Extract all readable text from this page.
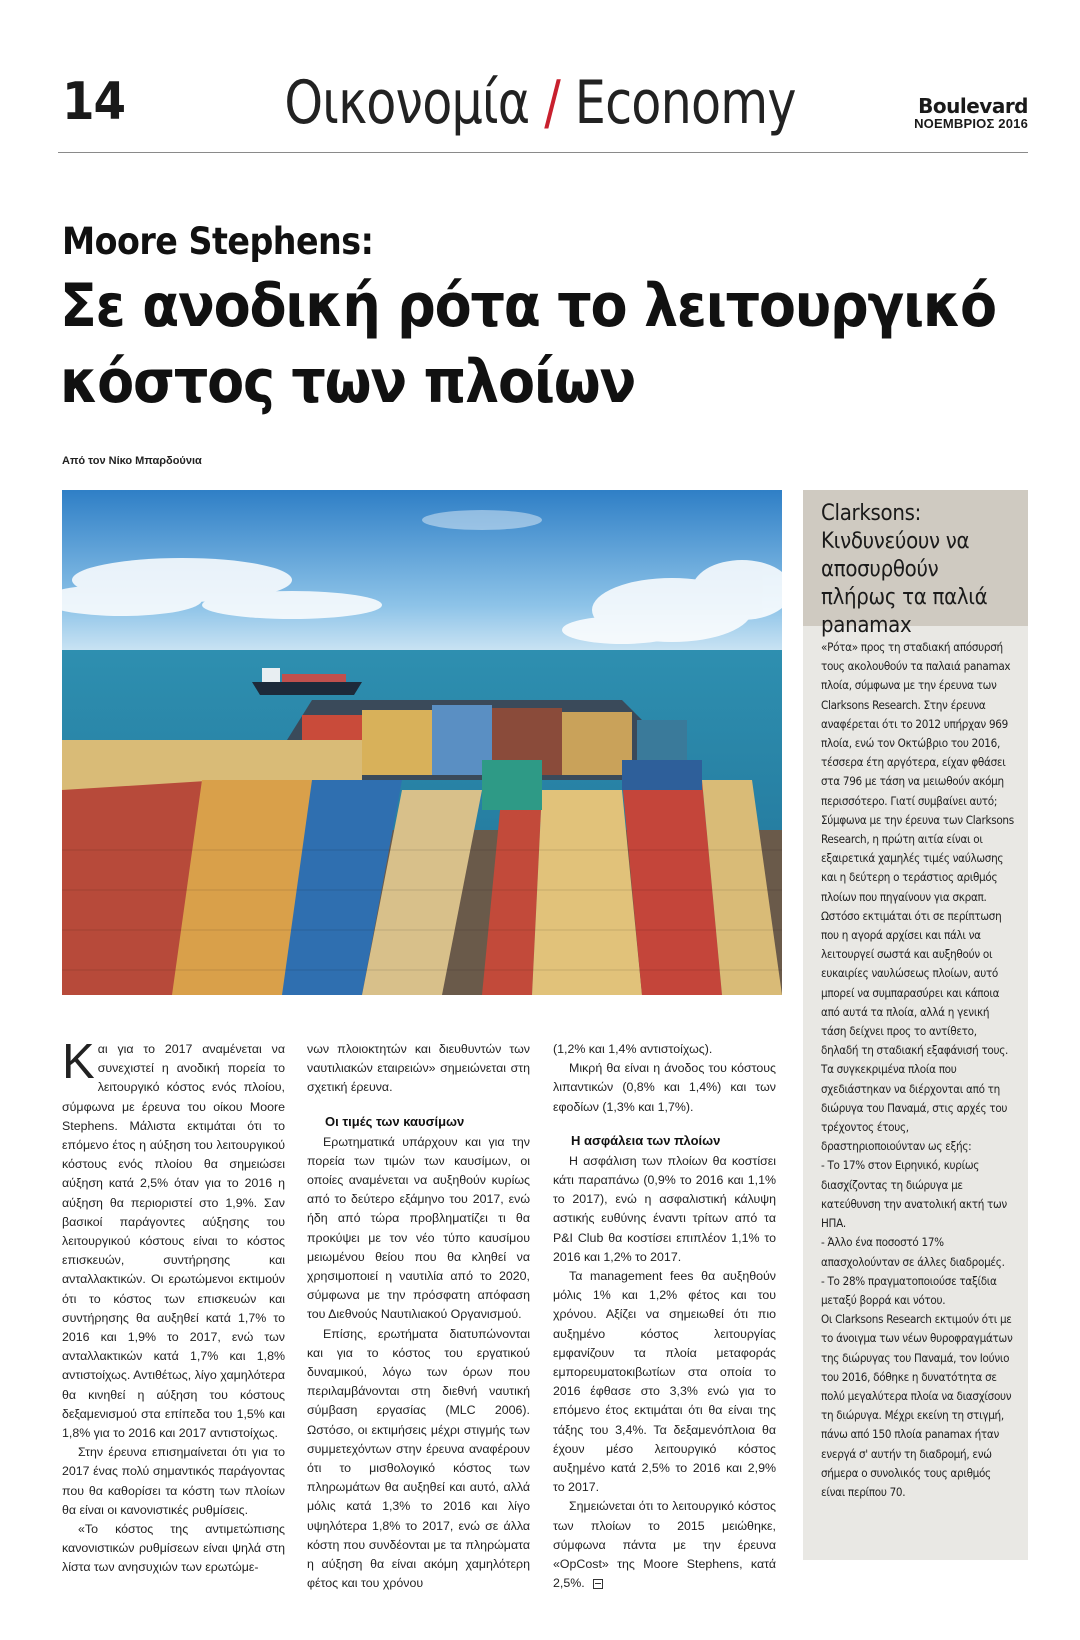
14	Οικονομία / Economy	Boulevard
ΝΟΕΜΒΡΙΟΣ 2016
Moore Stephens:
Σε ανοδική ρότα το λειτουργικό κόστος των πλοίων

Από τον Νίκο Μπαρδούνια

Και για το 2017 αναμένεται να συνεχιστεί η ανοδική πορεία το λειτουργικό κόστος ενός πλοίου, σύμφωνα με έρευνα του οίκου Moore Stephens. Μάλιστα εκτιμάται ότι το επόμενο έτος η αύξηση του λειτουργικού κόστους ενός πλοίου θα σημειώσει αύξηση κατά 2,5% όταν για το 2016 η αύξηση θα περιοριστεί στο 1,9%. Σαν βασικοί παράγοντες αύξησης του λειτουργικού κόστους είναι το κόστος επισκευών, συντήρησης και ανταλλακτικών. Οι ερωτώμενοι εκτιμούν ότι το κόστος των επισκευών και συντήρησης θα αυξηθεί κατά 1,7% το 2016 και 1,9% το 2017, ενώ των ανταλλακτικών κατά 1,7% και 1,8% αντιστοίχως. Αντιθέτως, λίγο χαμηλότερα θα κινηθεί η αύξηση του κόστους δεξαμενισμού στα επίπεδα του 1,5% και 1,8% για το 2016 και 2017 αντιστοίχως.

Στην έρευνα επισημαίνεται ότι για το 2017 ένας πολύ σημαντικός παράγοντας που θα καθορίσει τα κόστη των πλοίων θα είναι οι κανονιστικές ρυθμίσεις.

«Το κόστος της αντιμετώπισης κανονιστικών ρυθμίσεων είναι ψηλά στη λίστα των ανησυχιών των ερωτώμε-

νων πλοιοκτητών και διευθυντών των ναυτιλιακών εταιρειών» σημειώνεται στη σχετική έρευνα.

Οι τιμές των καυσίμων

Ερωτηματικά υπάρχουν και για την πορεία των τιμών των καυσίμων, οι οποίες αναμένεται να αυξηθούν κυρίως από το δεύτερο εξάμηνο του 2017, ενώ ήδη από τώρα προβληματίζει τι θα προκύψει με τον νέο τύπο καυσίμου μειωμένου θείου που θα κληθεί να χρησιμοποιεί η ναυτιλία από το 2020, σύμφωνα με την πρόσφατη απόφαση του Διεθνούς Ναυτιλιακού Οργανισμού.

Επίσης, ερωτήματα διατυπώνονται και για το κόστος του εργατικού δυναμικού, λόγω των όρων που περιλαμβάνονται στη διεθνή ναυτική σύμβαση εργασίας (MLC 2006). Ωστόσο, οι εκτιμήσεις μέχρι στιγμής των συμμετεχόντων στην έρευνα αναφέρουν ότι το μισθολογικό κόστος των πληρωμάτων θα αυξηθεί και αυτό, αλλά μόλις κατά 1,3% το 2016 και λίγο υψηλότερα 1,8% το 2017, ενώ σε άλλα κόστη που συνδέονται με τα πληρώματα η αύξηση θα είναι ακόμη χαμηλότερη φέτος και του χρόνου

(1,2% και 1,4% αντιστοίχως).

Μικρή θα είναι η άνοδος του κόστους λιπαντικών (0,8% και 1,4%) και των εφοδίων (1,3% και 1,7%).

Η ασφάλεια των πλοίων

Η ασφάλιση των πλοίων θα κοστίσει κάτι παραπάνω (0,9% το 2016 και 1,1% το 2017), ενώ η ασφαλιστική κάλυψη αστικής ευθύνης έναντι τρίτων από τα P&I Club θα κοστίσει επιπλέον 1,1% το 2016 και 1,2% το 2017.

Τα management fees θα αυξηθούν μόλις 1% και 1,2% φέτος και του χρόνου. Αξίζει να σημειωθεί ότι πιο αυξημένο κόστος λειτουργίας εμφανίζουν τα πλοία μεταφοράς εμπορευματοκιβωτίων στα οποία το 2016 έφθασε στο 3,3% ενώ για το επόμενο έτος εκτιμάται ότι θα είναι της τάξης του 3,4%. Τα δεξαμενόπλοια θα έχουν μέσο λειτουργικό κόστος αυξημένο κατά 2,5% το 2016 και 2,9% το 2017.

Σημειώνεται ότι το λειτουργικό κόστος των πλοίων το 2015 μειώθηκε, σύμφωνα πάντα με την έρευνα «OpCost» της Moore Stephens, κατά 2,5%.

Clarksons: Κινδυνεύουν να αποσυρθούν πλήρως τα παλιά panamax

«Ρότα» προς τη σταδιακή απόσυρσή τους ακολουθούν τα παλαιά panamax πλοία, σύμφωνα με την έρευνα των Clarksons Research. Στην έρευνα αναφέρεται ότι το 2012 υπήρχαν 969 πλοία, ενώ τον Οκτώβριο του 2016, τέσσερα έτη αργότερα, είχαν φθάσει στα 796 με τάση να μειωθούν ακόμη περισσότερο. Γιατί συμβαίνει αυτό; Σύμφωνα με την έρευνα των Clarksons Research, η πρώτη αιτία είναι οι εξαιρετικά χαμηλές τιμές ναύλωσης και η δεύτερη ο τεράστιος αριθμός πλοίων που πηγαίνουν για σκραπ. Ωστόσο εκτιμάται ότι σε περίπτωση που η αγορά αρχίσει και πάλι να λειτουργεί σωστά και αυξηθούν οι ευκαιρίες ναυλώσεως πλοίων, αυτό μπορεί να συμπαρασύρει και κάποια από αυτά τα πλοία, αλλά η γενική τάση δείχνει προς το αντίθετο, δηλαδή τη σταδιακή εξαφάνισή τους.

Τα συγκεκριμένα πλοία που σχεδιάστηκαν να διέρχονται από τη διώρυγα του Παναμά, στις αρχές του τρέχοντος έτους, δραστηριοποιούνταν ως εξής:

- Το 17% στον Ειρηνικό, κυρίως διασχίζοντας τη διώρυγα με κατεύθυνση την ανατολική ακτή των ΗΠΑ.

- Άλλο ένα ποσοστό 17% απασχολούνταν σε άλλες διαδρομές.

- Το 28% πραγματοποιούσε ταξίδια μεταξύ βορρά και νότου.

Οι Clarksons Research εκτιμούν ότι με το άνοιγμα των νέων θυροφραγμάτων της διώρυγας του Παναμά, τον Ιούνιο του 2016, δόθηκε η δυνατότητα σε πολύ μεγαλύτερα πλοία να διασχίσουν τη διώρυγα. Μέχρι εκείνη τη στιγμή, πάνω από 150 πλοία panamax ήταν ενεργά σ' αυτήν τη διαδρομή, ενώ σήμερα ο συνολικός τους αριθμός είναι περίπου 70.
